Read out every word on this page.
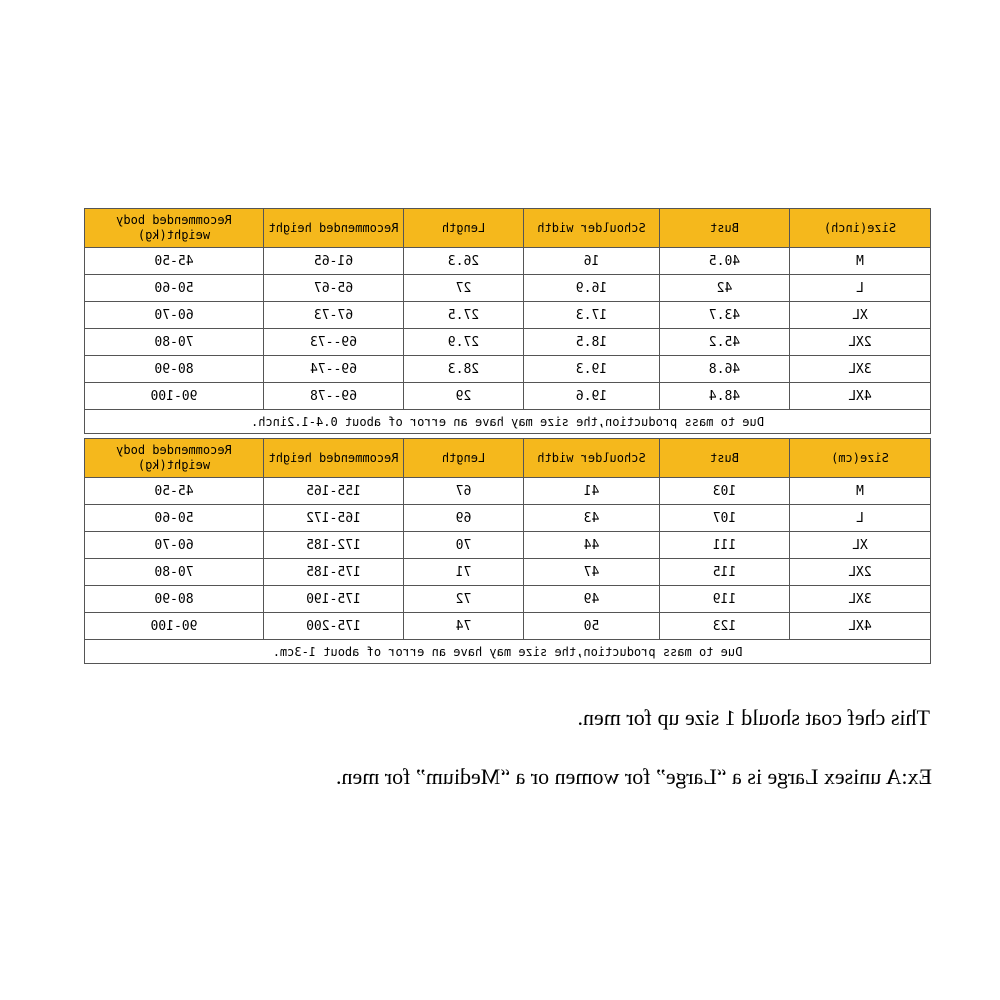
Size(inch)	Bust	Schoulder width	Length	Recommended height	Recommended body weight(kg)
M	40.5	16	26.3	61-65	45-50
L	42	16.9	27	65-67	50-60
XL	43.7	17.3	27.5	67-73	60-70
2XL	45.2	18.5	27.9	69--73	70-80
3XL	46.8	19.3	28.3	69--74	80-90
4XL	48.4	19.6	29	69--78	90-100
Due to mass production,the size may have an error of about 0.4-1.2inch.					
Size(cm)	Bust	Schoulder width	Length	Recommended height	Recommended body weight(kg)
M	103	41	67	155-165	45-50
L	107	43	69	165-172	50-60
XL	111	44	70	172-185	60-70
2XL	115	47	71	175-185	70-80
3XL	119	49	72	175-190	80-90
4XL	123	50	74	175-200	90-100
Due to mass production,the size may have an error of about 1-3cm.					
This chef coat should 1 size up for men.
Ex:A unisex Large is a “Large” for women or a “Medium” for men.
